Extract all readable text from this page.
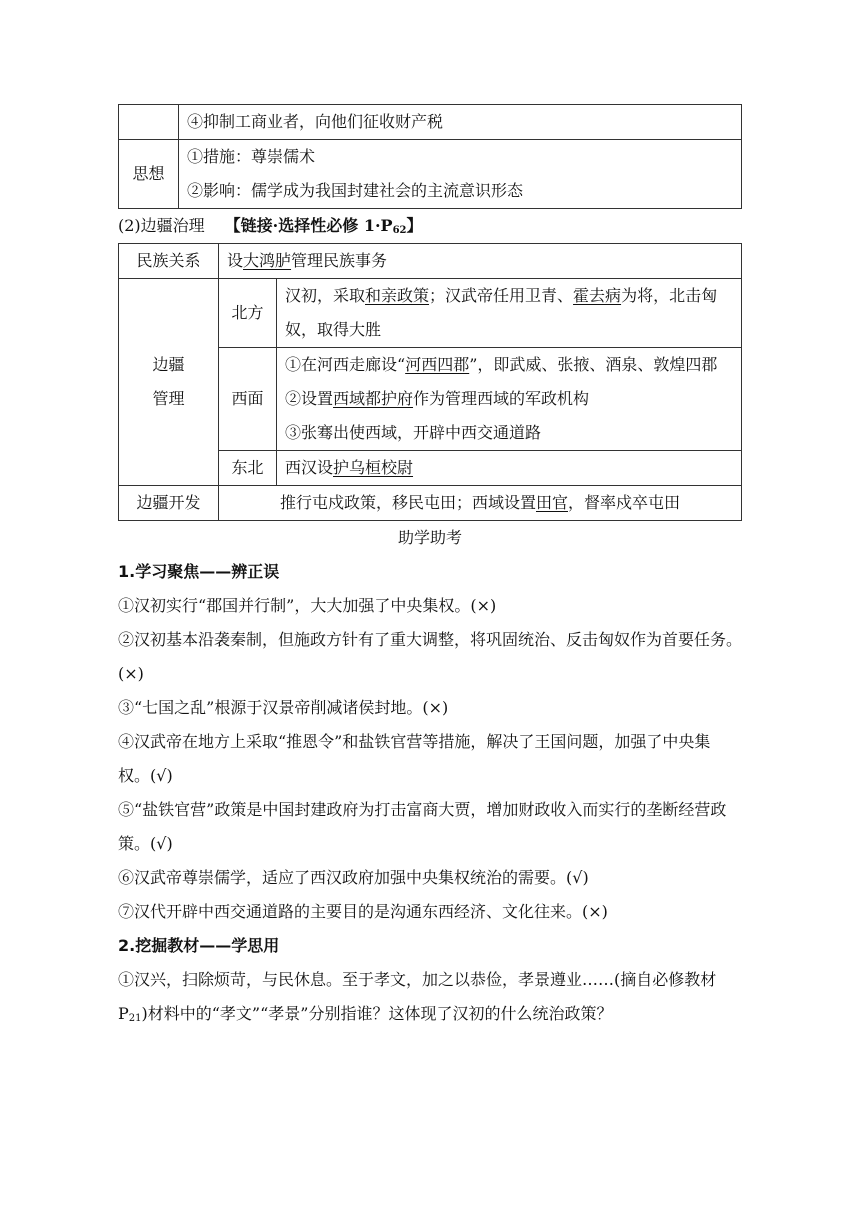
	④抑制工商业者，向他们征收财产税
思想	①措施：尊崇儒术
②影响：儒学成为我国封建社会的主流意识形态

(2)边疆治理 【链接·选择性必修 $1\cdot P_{62}$】

民族关系	设大鸿胪管理民族事务	

边疆
管理	北方	汉初，采取和亲政策；汉武帝任用卫青、霍去病为将，北击匈奴，取得大胜
	西面	①在河西走廊设“河西四郡”，即武威、张掖、酒泉、敦煌四郡
②设置西域都护府作为管理西域的军政机构
③张骞出使西域，开辟中西交通道路

	东北	西汉设护乌桓校尉
边疆开发	推行屯戍政策，移民屯田；西域设置田官，督率戍卒屯田	

助学助考

1.学习聚焦——辨正误

①汉初实行“郡国并行制”，大大加强了中央集权。(×)

②汉初基本沿袭秦制，但施政方针有了重大调整，将巩固统治、反击匈奴作为首要任务。(×)

③“七国之乱”根源于汉景帝削减诸侯封地。(×)

④汉武帝在地方上采取“推恩令”和盐铁官营等措施，解决了王国问题，加强了中央集权。(√)

⑤“盐铁官营”政策是中国封建政府为打击富商大贾，增加财政收入而实行的垄断经营政策。(√)

⑥汉武帝尊崇儒学，适应了西汉政府加强中央集权统治的需要。(√)

⑦汉代开辟中西交通道路的主要目的是沟通东西经济、文化往来。(×)

2.挖掘教材——学思用

①汉兴，扫除烦苛，与民休息。至于孝文，加之以恭俭，孝景遵业……(摘自必修教材 $P_{21}$)材料中的“孝文”“孝景”分别指谁？这体现了汉初的什么统治政策？
